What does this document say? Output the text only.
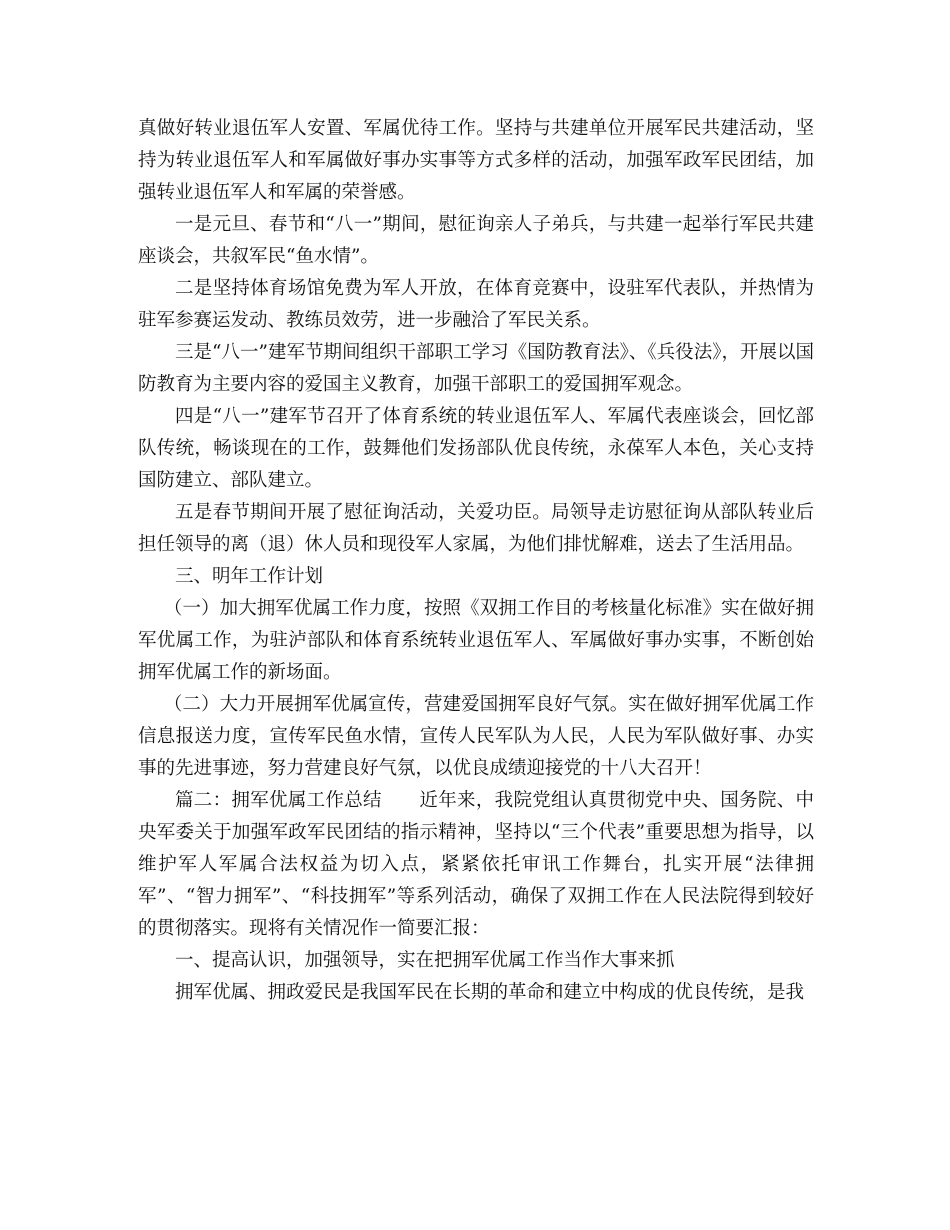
真做好转业退伍军人安置、军属优待工作。坚持与共建单位开展军民共建活动，坚持为转业退伍军人和军属做好事办实事等方式多样的活动，加强军政军民团结，加强转业退伍军人和军属的荣誉感。

一是元旦、春节和“八一”期间，慰征询亲人子弟兵，与共建一起举行军民共建座谈会，共叙军民“鱼水情”。

二是坚持体育场馆免费为军人开放，在体育竞赛中，设驻军代表队，并热情为驻军参赛运发动、教练员效劳，进一步融洽了军民关系。

三是“八一”建军节期间组织干部职工学习《国防教育法》、《兵役法》，开展以国防教育为主要内容的爱国主义教育，加强干部职工的爱国拥军观念。

四是“八一”建军节召开了体育系统的转业退伍军人、军属代表座谈会，回忆部队传统，畅谈现在的工作，鼓舞他们发扬部队优良传统，永葆军人本色，关心支持国防建立、部队建立。

五是春节期间开展了慰征询活动，关爱功臣。局领导走访慰征询从部队转业后担任领导的离（退）休人员和现役军人家属，为他们排忧解难，送去了生活用品。

三、明年工作计划

（一）加大拥军优属工作力度，按照《双拥工作目的考核量化标准》实在做好拥军优属工作，为驻泸部队和体育系统转业退伍军人、军属做好事办实事，不断创始拥军优属工作的新场面。

（二）大力开展拥军优属宣传，营建爱国拥军良好气氛。实在做好拥军优属工作信息报送力度，宣传军民鱼水情，宣传人民军队为人民，人民为军队做好事、办实事的先进事迹，努力营建良好气氛，以优良成绩迎接党的十八大召开！

篇二：拥军优属工作总结　　近年来，我院党组认真贯彻党中央、国务院、中央军委关于加强军政军民团结的指示精神，坚持以“三个代表”重要思想为指导，以维护军人军属合法权益为切入点，紧紧依托审讯工作舞台，扎实开展“法律拥军”、“智力拥军”、“科技拥军”等系列活动，确保了双拥工作在人民法院得到较好的贯彻落实。现将有关情况作一简要汇报：

一、提高认识，加强领导，实在把拥军优属工作当作大事来抓

拥军优属、拥政爱民是我国军民在长期的革命和建立中构成的优良传统，是我
